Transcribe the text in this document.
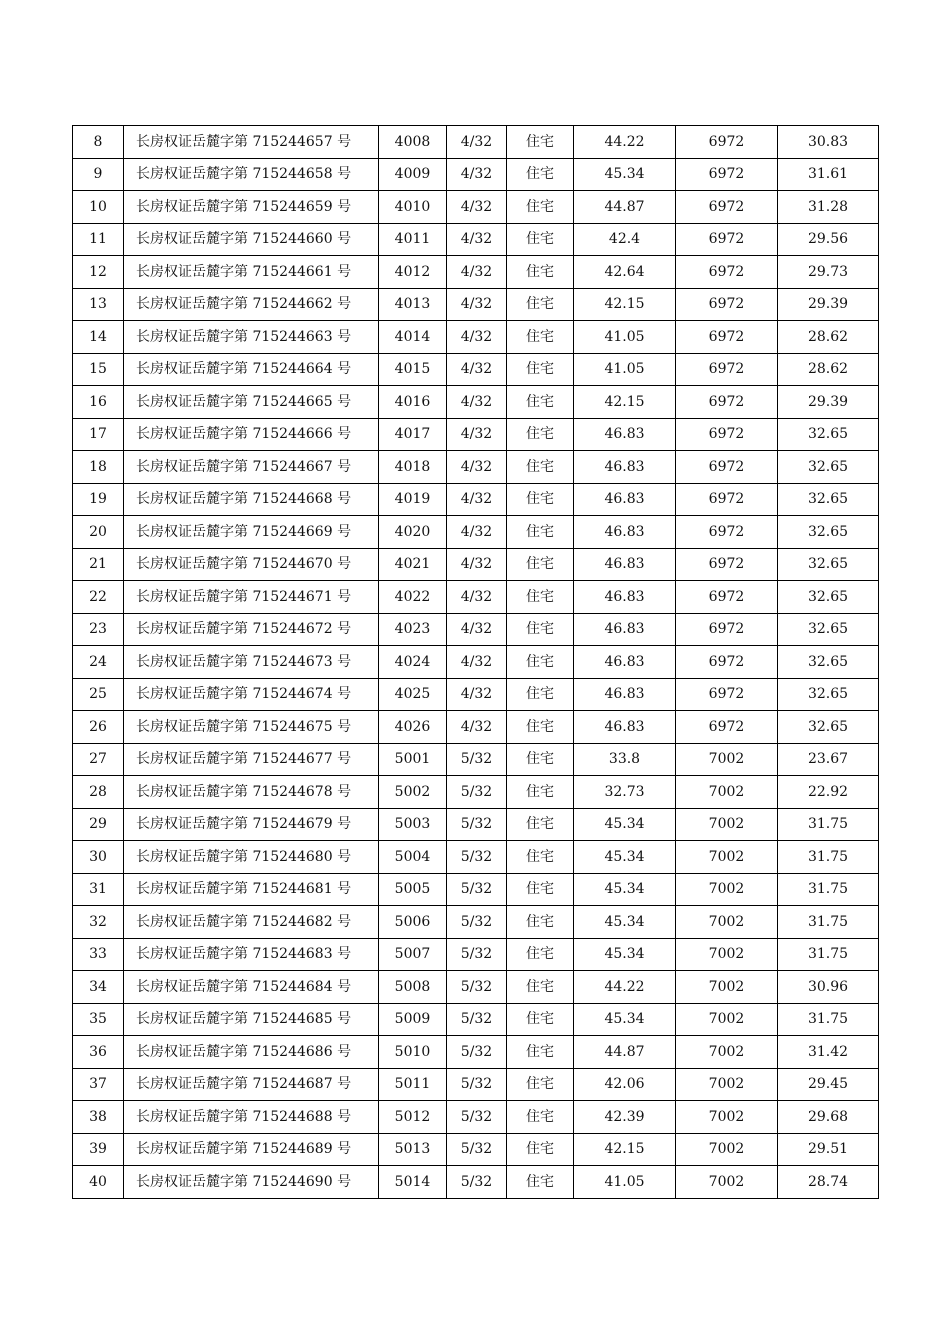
8	长房权证岳麓字第 715244657 号	4008	4/32	住宅	44.22	6972	30.83
9	长房权证岳麓字第 715244658 号	4009	4/32	住宅	45.34	6972	31.61
10	长房权证岳麓字第 715244659 号	4010	4/32	住宅	44.87	6972	31.28
11	长房权证岳麓字第 715244660 号	4011	4/32	住宅	42.4	6972	29.56
12	长房权证岳麓字第 715244661 号	4012	4/32	住宅	42.64	6972	29.73
13	长房权证岳麓字第 715244662 号	4013	4/32	住宅	42.15	6972	29.39
14	长房权证岳麓字第 715244663 号	4014	4/32	住宅	41.05	6972	28.62
15	长房权证岳麓字第 715244664 号	4015	4/32	住宅	41.05	6972	28.62
16	长房权证岳麓字第 715244665 号	4016	4/32	住宅	42.15	6972	29.39
17	长房权证岳麓字第 715244666 号	4017	4/32	住宅	46.83	6972	32.65
18	长房权证岳麓字第 715244667 号	4018	4/32	住宅	46.83	6972	32.65
19	长房权证岳麓字第 715244668 号	4019	4/32	住宅	46.83	6972	32.65
20	长房权证岳麓字第 715244669 号	4020	4/32	住宅	46.83	6972	32.65
21	长房权证岳麓字第 715244670 号	4021	4/32	住宅	46.83	6972	32.65
22	长房权证岳麓字第 715244671 号	4022	4/32	住宅	46.83	6972	32.65
23	长房权证岳麓字第 715244672 号	4023	4/32	住宅	46.83	6972	32.65
24	长房权证岳麓字第 715244673 号	4024	4/32	住宅	46.83	6972	32.65
25	长房权证岳麓字第 715244674 号	4025	4/32	住宅	46.83	6972	32.65
26	长房权证岳麓字第 715244675 号	4026	4/32	住宅	46.83	6972	32.65
27	长房权证岳麓字第 715244677 号	5001	5/32	住宅	33.8	7002	23.67
28	长房权证岳麓字第 715244678 号	5002	5/32	住宅	32.73	7002	22.92
29	长房权证岳麓字第 715244679 号	5003	5/32	住宅	45.34	7002	31.75
30	长房权证岳麓字第 715244680 号	5004	5/32	住宅	45.34	7002	31.75
31	长房权证岳麓字第 715244681 号	5005	5/32	住宅	45.34	7002	31.75
32	长房权证岳麓字第 715244682 号	5006	5/32	住宅	45.34	7002	31.75
33	长房权证岳麓字第 715244683 号	5007	5/32	住宅	45.34	7002	31.75
34	长房权证岳麓字第 715244684 号	5008	5/32	住宅	44.22	7002	30.96
35	长房权证岳麓字第 715244685 号	5009	5/32	住宅	45.34	7002	31.75
36	长房权证岳麓字第 715244686 号	5010	5/32	住宅	44.87	7002	31.42
37	长房权证岳麓字第 715244687 号	5011	5/32	住宅	42.06	7002	29.45
38	长房权证岳麓字第 715244688 号	5012	5/32	住宅	42.39	7002	29.68
39	长房权证岳麓字第 715244689 号	5013	5/32	住宅	42.15	7002	29.51
40	长房权证岳麓字第 715244690 号	5014	5/32	住宅	41.05	7002	28.74
